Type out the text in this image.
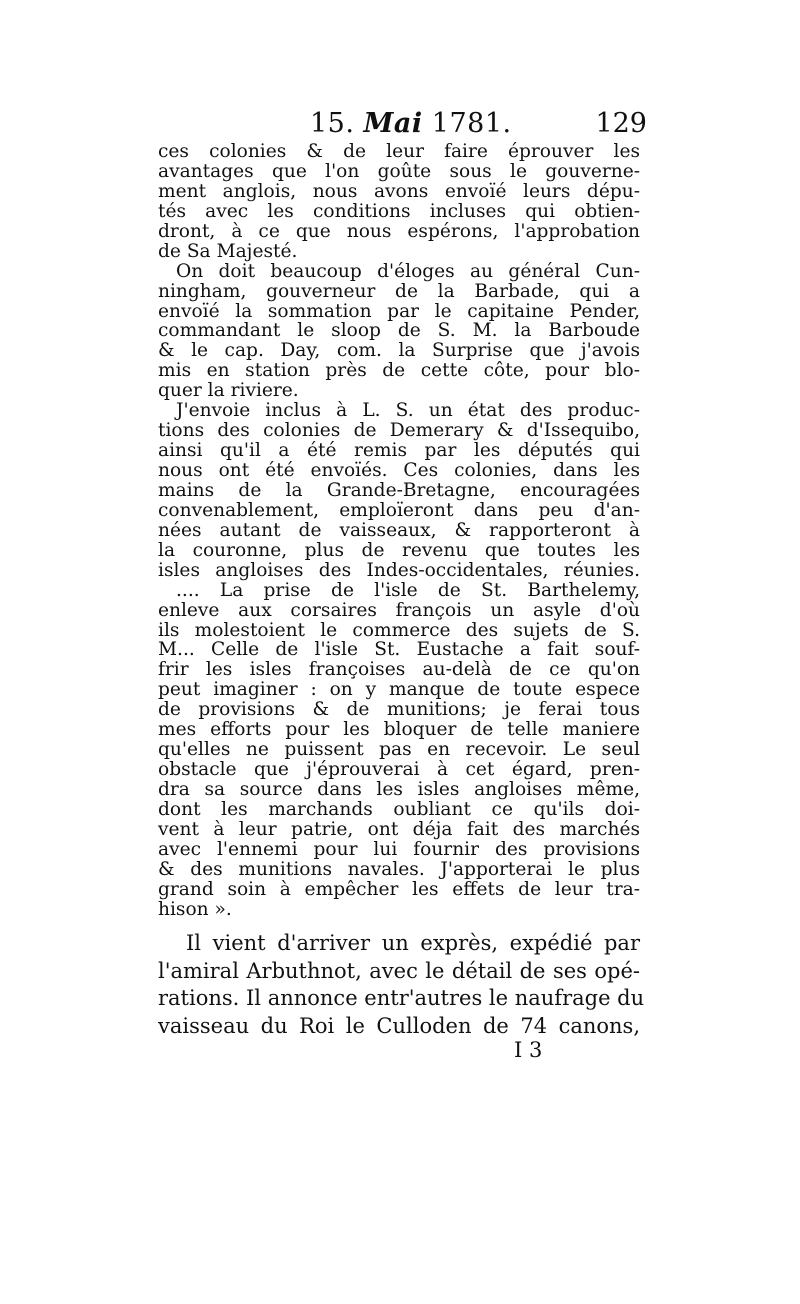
15. Mai 1781.	129
ces colonies & de leur faire éprouver les
avantages que l'on goûte sous le gouverne-
ment anglois, nous avons envoïé leurs dépu-
tés avec les conditions incluses qui obtien-
dront, à ce que nous espérons, l'approbation
de Sa Majesté.
On doit beaucoup d'éloges au général Cun-
ningham, gouverneur de la Barbade, qui a
envoïé la sommation par le capitaine Pender,
commandant le sloop de S. M. la Barboude
& le cap. Day, com. la Surprise que j'avois
mis en station près de cette côte, pour blo-
quer la riviere.
J'envoie inclus à L. S. un état des produc-
tions des colonies de Demerary & d'Issequibo,
ainsi qu'il a été remis par les députés qui
nous ont été envoïés. Ces colonies, dans les
mains de la Grande-Bretagne, encouragées
convenablement, emploïeront dans peu d'an-
nées autant de vaisseaux, & rapporteront à
la couronne, plus de revenu que toutes les
isles angloises des Indes-occidentales, réunies.
.... La prise de l'isle de St. Barthelemy,
enleve aux corsaires françois un asyle d'où
ils molestoient le commerce des sujets de S.
M... Celle de l'isle St. Eustache a fait souf-
frir les isles françoises au-delà de ce qu'on
peut imaginer : on y manque de toute espece
de provisions & de munitions; je ferai tous
mes efforts pour les bloquer de telle maniere
qu'elles ne puissent pas en recevoir. Le seul
obstacle que j'éprouverai à cet égard, pren-
dra sa source dans les isles angloises même,
dont les marchands oubliant ce qu'ils doi-
vent à leur patrie, ont déja fait des marchés
avec l'ennemi pour lui fournir des provisions
& des munitions navales. J'apporterai le plus
grand soin à empêcher les effets de leur tra-
hison ».
Il vient d'arriver un exprès, expédié par
l'amiral Arbuthnot, avec le détail de ses opé-
rations. Il annonce entr'autres le naufrage du
vaisseau du Roi le Culloden de 74 canons,
I 3
